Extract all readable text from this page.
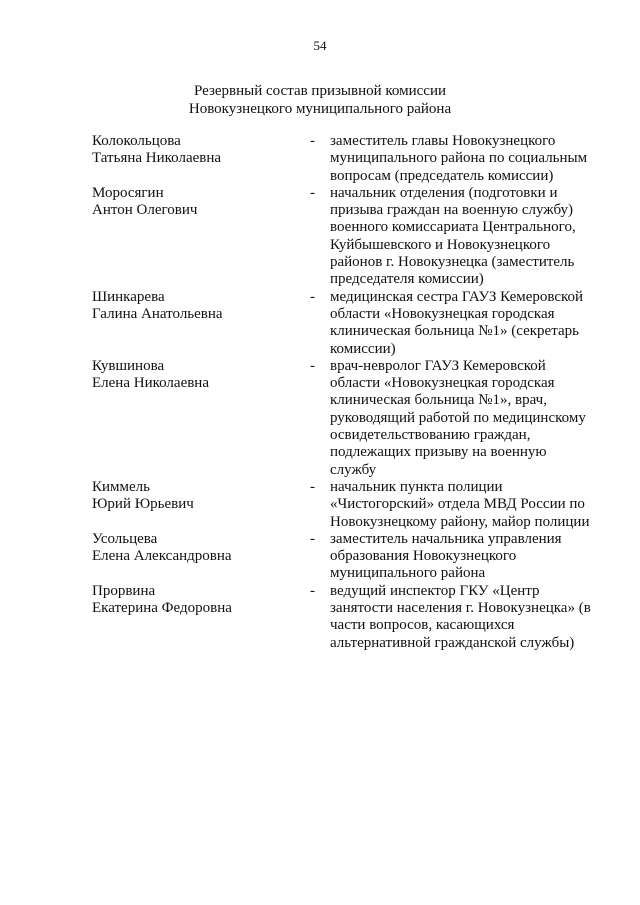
54
Резервный состав призывной комиссии
Новокузнецкого муниципального района
Колокольцова
Татьяна Николаевна
-	заместитель главы Новокузнецкого муниципального района по социальным вопросам (председатель комиссии)
Моросягин
Антон Олегович
-	начальник отделения (подготовки и призыва граждан на военную службу) военного комиссариата Центрального, Куйбышевского и Новокузнецкого районов г. Новокузнецка (заместитель председателя комиссии)
Шинкарева
Галина Анатольевна
-	медицинская сестра ГАУЗ Кемеровской области «Новокузнецкая городская клиническая больница №1» (секретарь комиссии)
Кувшинова
Елена Николаевна
-	врач-невролог ГАУЗ Кемеровской области «Новокузнецкая городская клиническая больница №1», врач, руководящий работой по медицинскому освидетельствованию граждан, подлежащих призыву на военную службу
Киммель
Юрий Юрьевич
-	начальник пункта полиции «Чистогорский» отдела МВД России по Новокузнецкому району, майор полиции
Усольцева
Елена Александровна
-	заместитель начальника управления образования Новокузнецкого муниципального района
Прорвина
Екатерина Федоровна
-	ведущий инспектор ГКУ «Центр занятости населения г. Новокузнецка» (в части вопросов, касающихся альтернативной гражданской службы)
